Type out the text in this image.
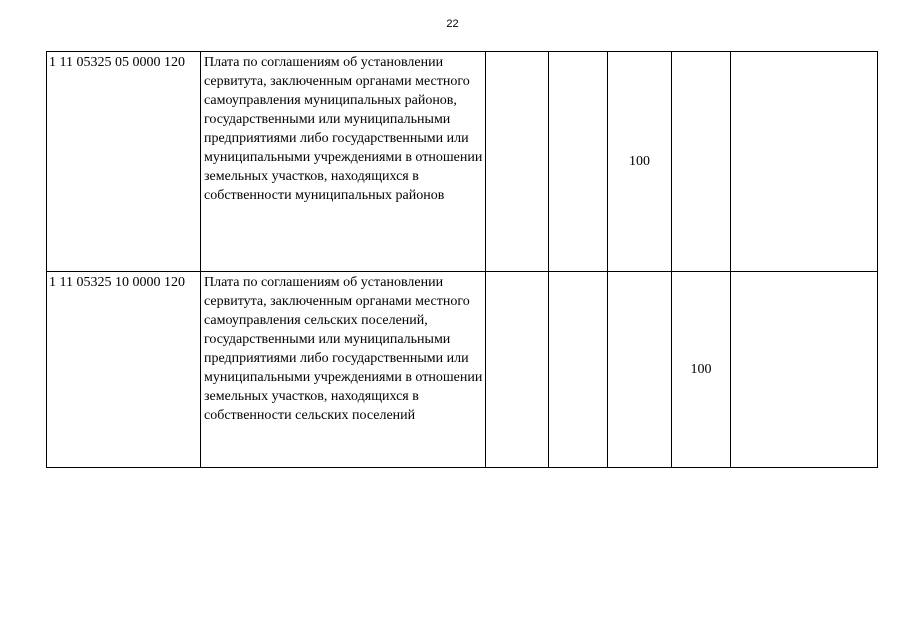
22
1 11 05325 05 0000 120	Плата по соглашениям об установлении сервитута, заключенным органами местного самоуправления муниципальных районов, государственными или муниципальными предприятиями либо государственными или муниципальными учреждениями в отношении земельных участков, находящихся в собственности муниципальных районов			100		
1 11 05325 10 0000 120	Плата по соглашениям об установлении сервитута, заключенным органами местного самоуправления сельских поселений, государственными или муниципальными предприятиями либо государственными или муниципальными учреждениями в отношении земельных участков, находящихся в собственности сельских поселений				100	
